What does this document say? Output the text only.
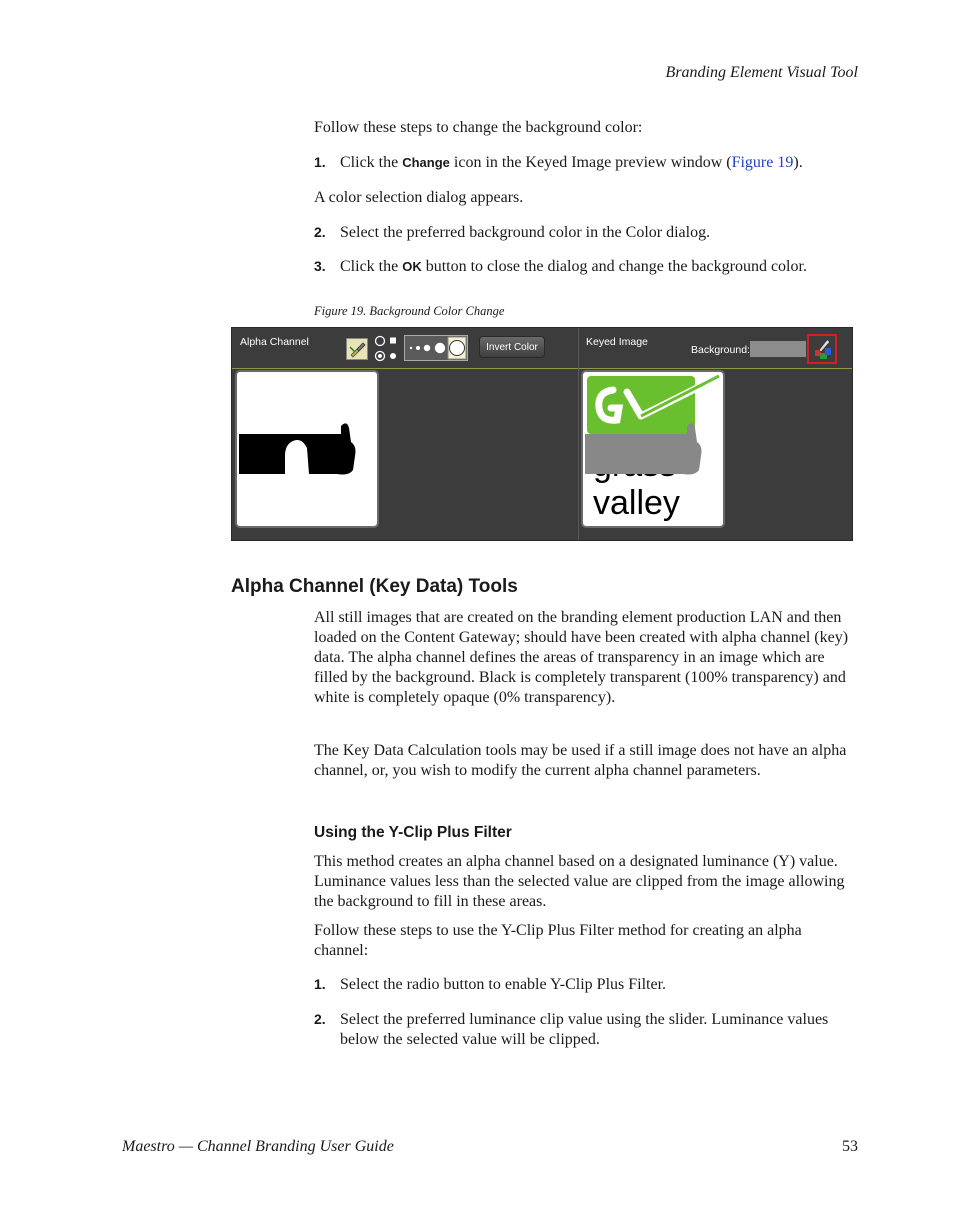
Branding Element Visual Tool
Follow these steps to change the background color:
1. Click the Change icon in the Keyed Image preview window (Figure 19).
A color selection dialog appears.
2. Select the preferred background color in the Color dialog.
3. Click the OK button to close the dialog and change the background color.
Figure 19. Background Color Change
Alpha Channel	Invert Color	Keyed Image
Background:
valley
Alpha Channel (Key Data) Tools
All still images that are created on the branding element production LAN and then loaded on the Content Gateway; should have been created with alpha channel (key) data. The alpha channel defines the areas of transparency in an image which are filled by the background. Black is completely transparent (100% transparency) and white is completely opaque (0% transparency).
The Key Data Calculation tools may be used if a still image does not have an alpha channel, or, you wish to modify the current alpha channel parameters.
Using the Y-Clip Plus Filter
This method creates an alpha channel based on a designated luminance (Y) value. Luminance values less than the selected value are clipped from the image allowing the background to fill in these areas.
Follow these steps to use the Y-Clip Plus Filter method for creating an alpha channel:
1. Select the radio button to enable Y-Clip Plus Filter.
2. Select the preferred luminance clip value using the slider. Luminance values below the selected value will be clipped.
Maestro — Channel Branding User Guide	53
